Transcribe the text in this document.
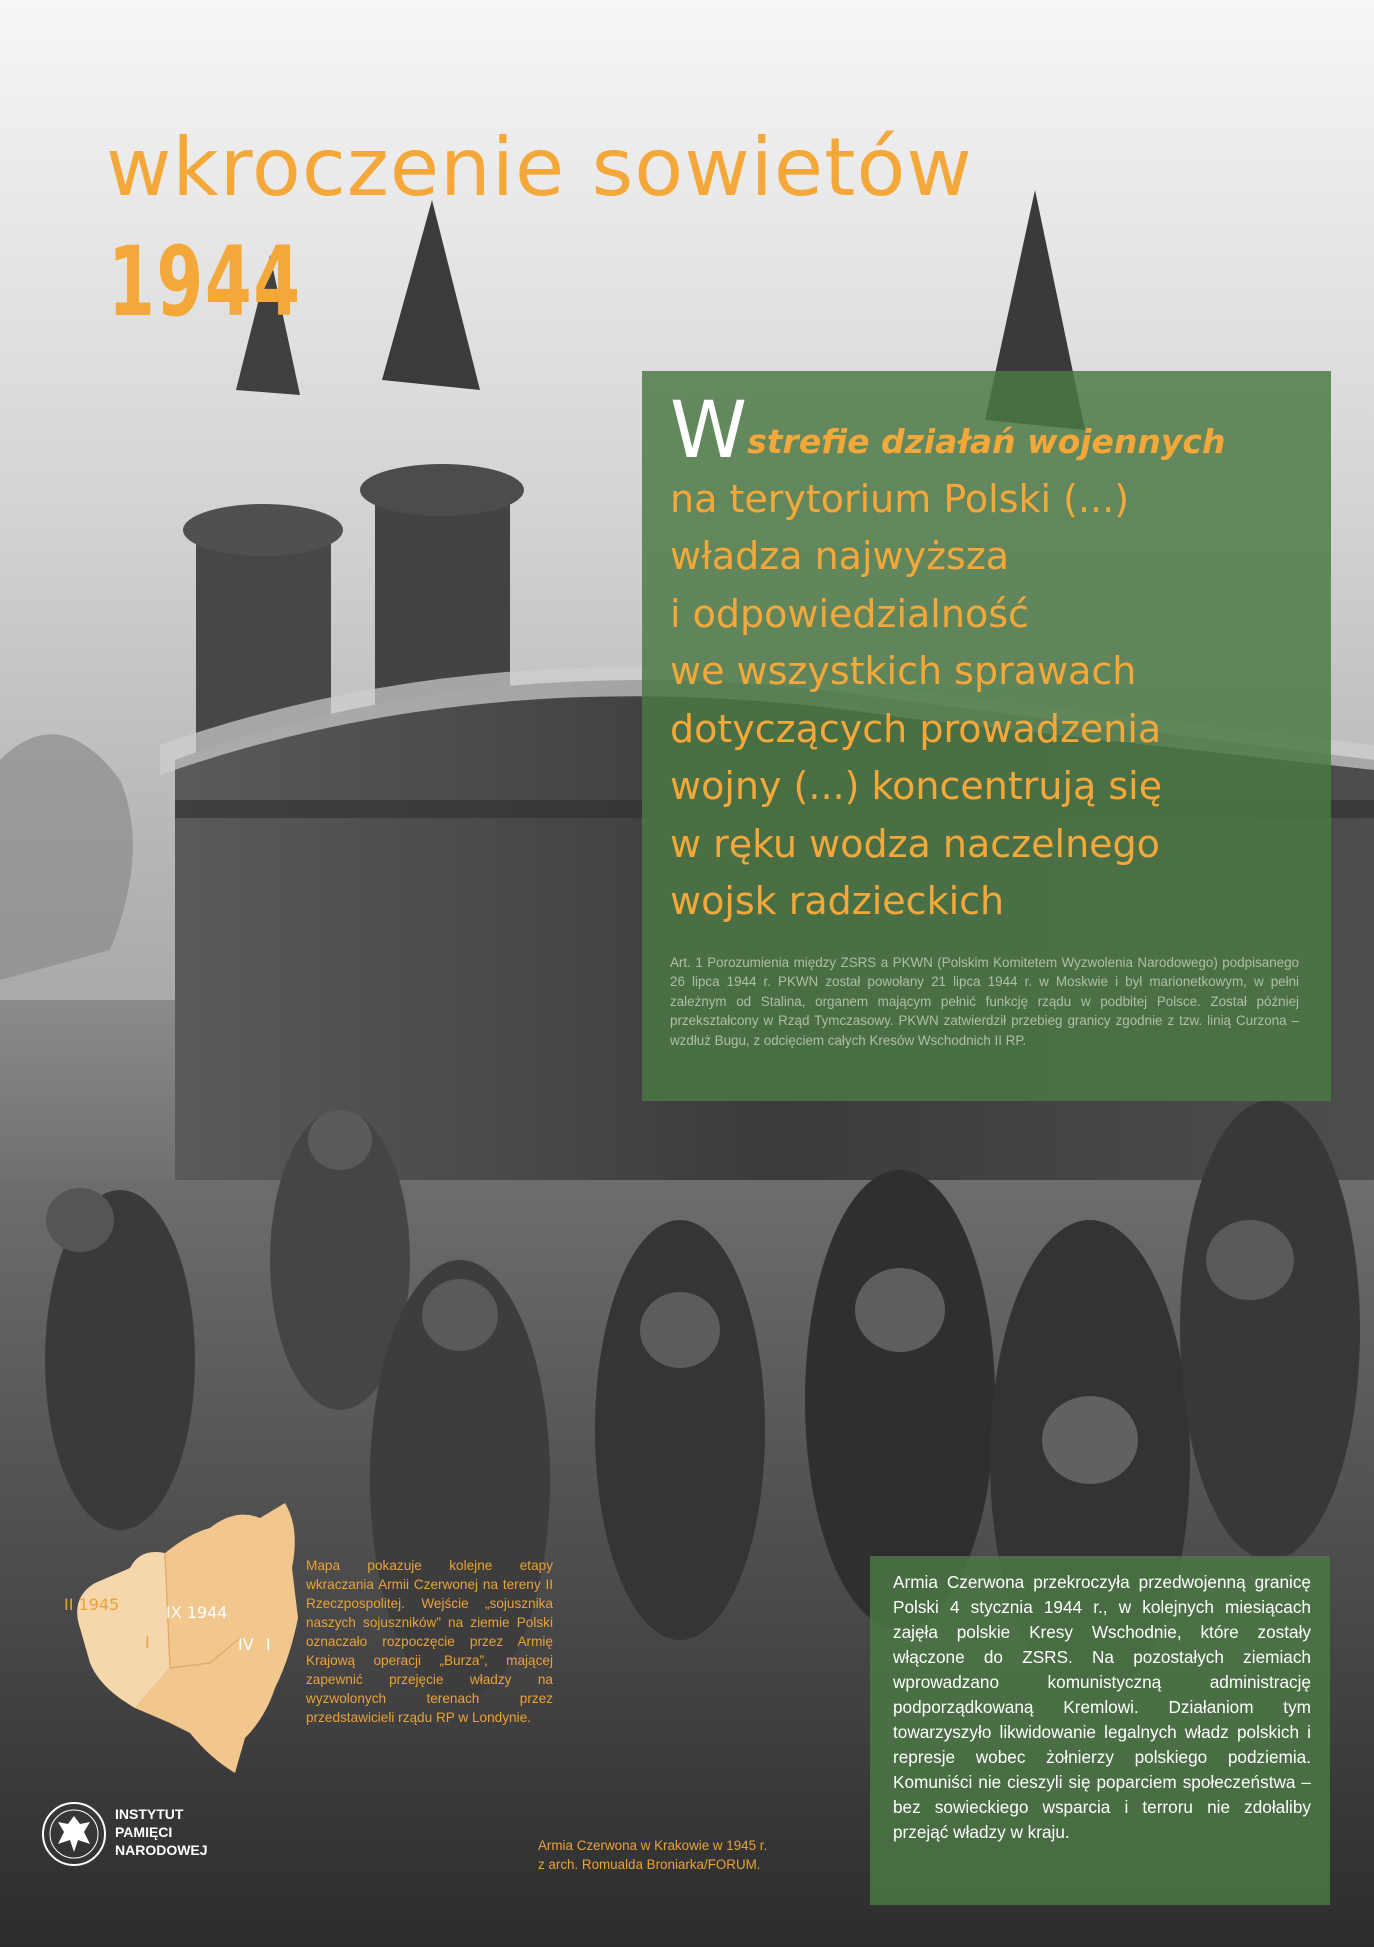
wkroczenie sowietów
1944
Wstrefie działań wojennych
na terytorium Polski (...)
władza najwyższa
i odpowiedzialność
we wszystkich sprawach
dotyczących prowadzenia
wojny (...) koncentrują się
w ręku wodza naczelnego
wojsk radzieckich

Art. 1 Porozumienia między ZSRS a PKWN (Polskim Komitetem Wyzwolenia Narodowego) podpisanego 26 lipca 1944 r. PKWN został powołany 21 lipca 1944 r. w Moskwie i był marionetkowym, w pełni zależnym od Stalina, organem mającym pełnić funkcję rządu w podbitej Polsce. Został później przekształcony w Rząd Tymczasowy. PKWN zatwierdził przebieg granicy zgodnie z tzw. linią Curzona – wzdłuż Bugu, z odcięciem całych Kresów Wschodnich II RP.

II 1945	IX 1944
I	IV I

Mapa pokazuje kolejne etapy wkraczania Armii Czerwonej na tereny II Rzeczpospolitej. Wejście „sojusznika naszych sojuszników” na ziemie Polski oznaczało rozpoczęcie przez Armię Krajową operacji „Burza”, mającej zapewnić przejęcie władzy na wyzwolonych terenach przez przedstawicieli rządu RP w Londynie.

Armia Czerwona przekroczyła przedwojenną granicę Polski 4 stycznia 1944 r., w kolejnych miesiącach zajęła polskie Kresy Wschodnie, które zostały włączone do ZSRS. Na pozostałych ziemiach wprowadzano komunistyczną administrację podporządkowaną Kremlowi. Działaniom tym towarzyszyło likwidowanie legalnych władz polskich i represje wobec żołnierzy polskiego podziemia. Komuniści nie cieszyli się poparciem społeczeństwa – bez sowieckiego wsparcia i terroru nie zdołaliby przejąć władzy w kraju.

INSTYTUT
PAMIĘCI
NARODOWEJ	Armia Czerwona w Krakowie w 1945 r.
z arch. Romualda Broniarka/FORUM.
